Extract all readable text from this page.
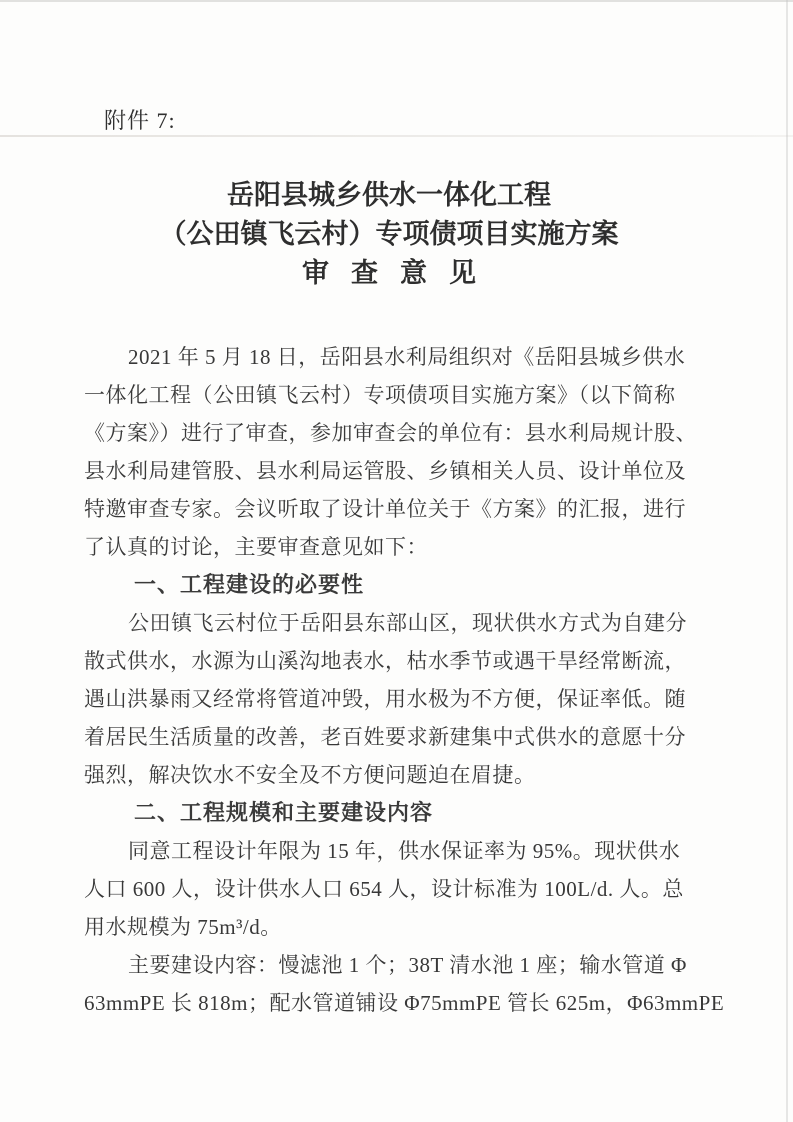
附件 7:
岳阳县城乡供水一体化工程
（公田镇飞云村）专项债项目实施方案
审查意见
2021 年 5 月 18 日，岳阳县水利局组织对《岳阳县城乡供水
一体化工程（公田镇飞云村）专项债项目实施方案》（以下简称
《方案》）进行了审查，参加审查会的单位有：县水利局规计股、
县水利局建管股、县水利局运管股、乡镇相关人员、设计单位及
特邀审查专家。会议听取了设计单位关于《方案》的汇报，进行
了认真的讨论，主要审查意见如下：
一、工程建设的必要性
公田镇飞云村位于岳阳县东部山区，现状供水方式为自建分
散式供水，水源为山溪沟地表水，枯水季节或遇干旱经常断流，
遇山洪暴雨又经常将管道冲毁，用水极为不方便，保证率低。随
着居民生活质量的改善，老百姓要求新建集中式供水的意愿十分
强烈，解决饮水不安全及不方便问题迫在眉捷。
二、工程规模和主要建设内容
同意工程设计年限为 15 年，供水保证率为 95%。现状供水
人口 600 人，设计供水人口 654 人，设计标准为 100L/d. 人。总
用水规模为 75m³/d。
主要建设内容：慢滤池 1 个；38T 清水池 1 座；输水管道 Φ
63mmPE 长 818m；配水管道铺设 Φ75mmPE 管长 625m，Φ63mmPE
